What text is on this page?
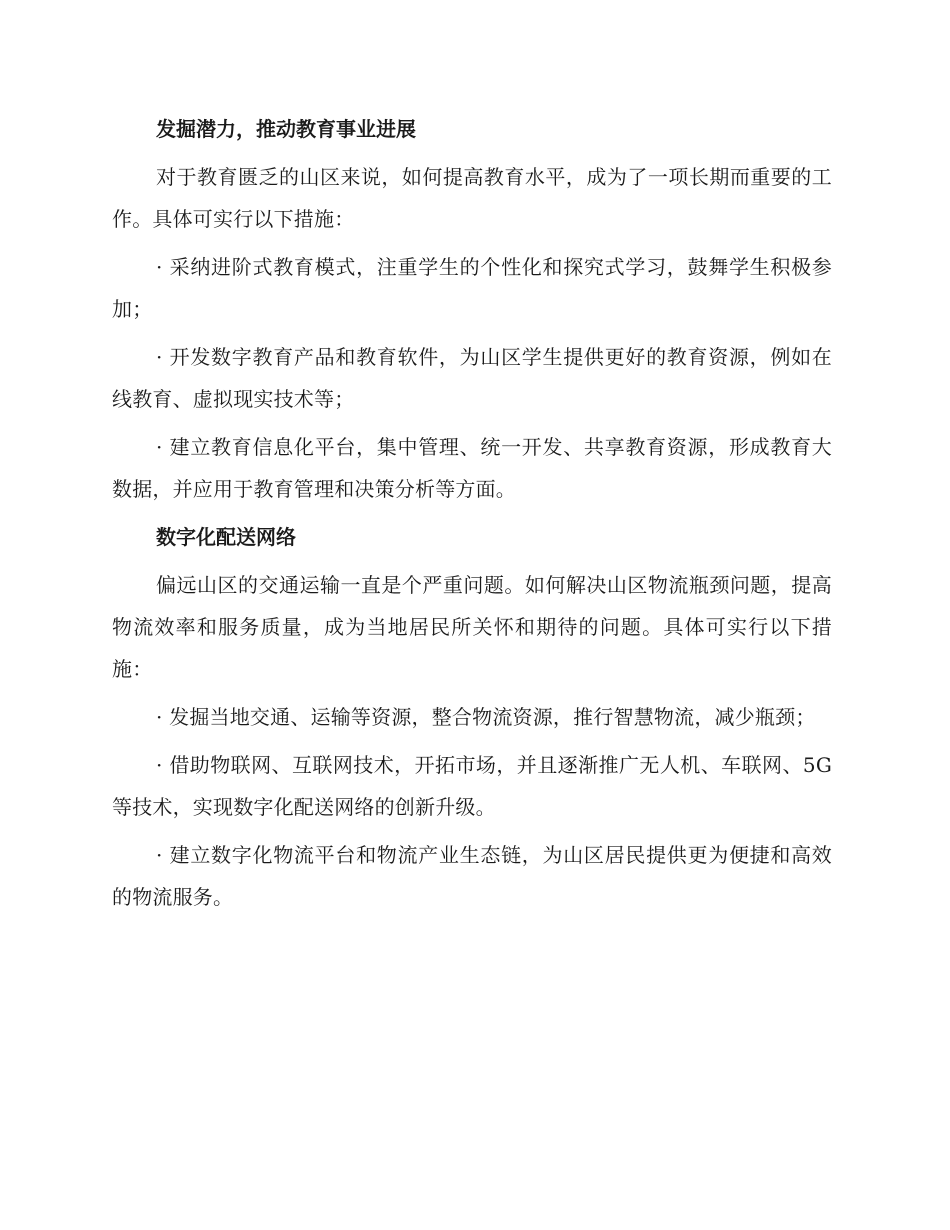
发掘潜力，推动教育事业进展

对于教育匮乏的山区来说，如何提高教育水平，成为了一项长期而重要的工作。具体可实行以下措施：

· 采纳进阶式教育模式，注重学生的个性化和探究式学习，鼓舞学生积极参加；

· 开发数字教育产品和教育软件，为山区学生提供更好的教育资源，例如在线教育、虚拟现实技术等；

· 建立教育信息化平台，集中管理、统一开发、共享教育资源，形成教育大数据，并应用于教育管理和决策分析等方面。

数字化配送网络

偏远山区的交通运输一直是个严重问题。如何解决山区物流瓶颈问题，提高物流效率和服务质量，成为当地居民所关怀和期待的问题。具体可实行以下措施：

· 发掘当地交通、运输等资源，整合物流资源，推行智慧物流，减少瓶颈；

· 借助物联网、互联网技术，开拓市场，并且逐渐推广无人机、车联网、5G 等技术，实现数字化配送网络的创新升级。

· 建立数字化物流平台和物流产业生态链，为山区居民提供更为便捷和高效的物流服务。
